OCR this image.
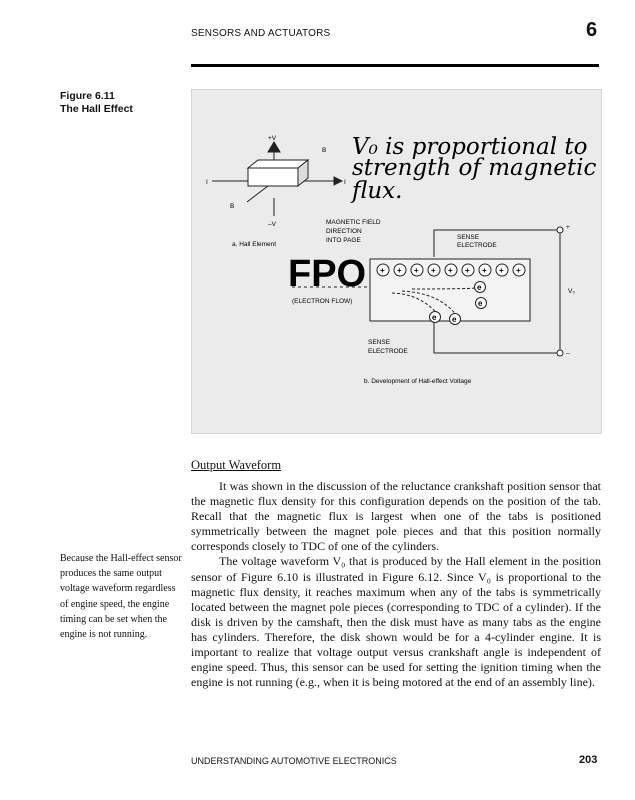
SENSORS AND ACTUATORS	6
Figure 6.11
The Hall Effect
V₀ is proportional to
strength of magnetic
flux.
+V
B
I	I
B
–V
a. Hall Element
MAGNETIC FIELD
DIRECTION
INTO PAGE	SENSE
ELECTRODE
+
–
V₀
+ + + + + + + + +
e
e
e e
FPO
(ELECTRON FLOW)
SENSE
ELECTRODE
b. Development of Hall-effect Voltage
Output Waveform

It was shown in the discussion of the reluctance crankshaft position sensor that the magnetic flux density for this configuration depends on the position of the tab. Recall that the magnetic flux is largest when one of the tabs is positioned symmetrically between the magnet pole pieces and that this position normally corresponds closely to TDC of one of the cylinders.

The voltage waveform V₀ that is produced by the Hall element in the position sensor of Figure 6.10 is illustrated in Figure 6.12. Since V₀ is proportional to the magnetic flux density, it reaches maximum when any of the tabs is symmetrically located between the magnet pole pieces (corresponding to TDC of a cylinder). If the disk is driven by the camshaft, then the disk must have as many tabs as the engine has cylinders. Therefore, the disk shown would be for a 4-cylinder engine. It is important to realize that voltage output versus crankshaft angle is independent of engine speed. Thus, this sensor can be used for setting the ignition timing when the engine is not running (e.g., when it is being motored at the end of an assembly line).

Because the Hall-effect sensor produces the same output voltage waveform regardless of engine speed, the engine timing can be set when the engine is not running.
UNDERSTANDING AUTOMOTIVE ELECTRONICS	203
